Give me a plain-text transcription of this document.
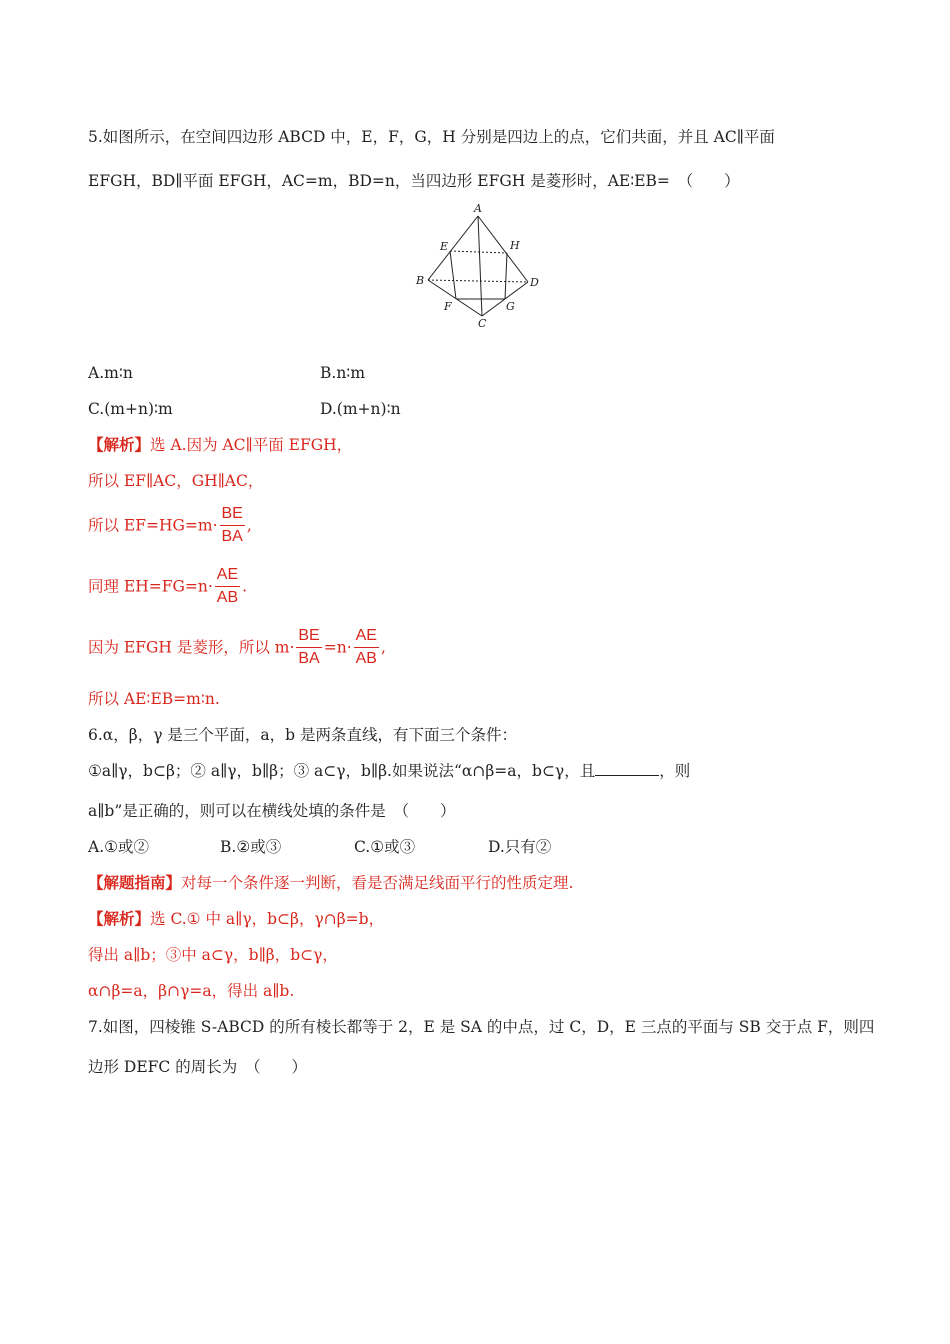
5.如图所示，在空间四边形 ABCD 中，E，F，G，H 分别是四边上的点，它们共面，并且 AC∥平面
EFGH，BD∥平面 EFGH，AC=m，BD=n，当四边形 EFGH 是菱形时，AE∶EB=　（　　）
A
B
C
D
E
F	G
H
A.m∶n	B.n∶m
C.(m+n)∶m	D.(m+n)∶n
【解析】选 A.因为 AC∥平面 EFGH，
所以 EF∥AC，GH∥AC，
所以 $EF=HG=m\cdot \frac{BE}{BA}$ ,
同理 $EH=FG=n\cdot \frac{AE}{AB}$ .
因为 EFGH 是菱形，所以 $m\cdot \frac{BE}{BA} =n\cdot \frac{AE}{AB}$ ,
所以 AE∶EB=m∶n.
6.α，β，γ 是三个平面，a，b 是两条直线，有下面三个条件：
①a∥γ，b⊂β；② a∥γ，b∥β；③ a⊂γ，b∥β.如果说法“α∩β=a，b⊂γ，且	，则
a∥b”是正确的，则可以在横线处填的条件是　（　　）
A.①或②	B.②或③	C.①或③	D.只有②
【解题指南】对每一个条件逐一判断，看是否满足线面平行的性质定理.
【解析】选 C.① 中 a∥γ，b⊂β，γ∩β=b，
得出 a∥b；③中 a⊂γ，b∥β，b⊂γ，
α∩β=a，β∩γ=a，得出 a∥b.
7.如图，四棱锥 S-ABCD 的所有棱长都等于 2，E 是 SA 的中点，过 C，D，E 三点的平面与 SB 交于点 F，则四
边形 DEFC 的周长为　（　　）
